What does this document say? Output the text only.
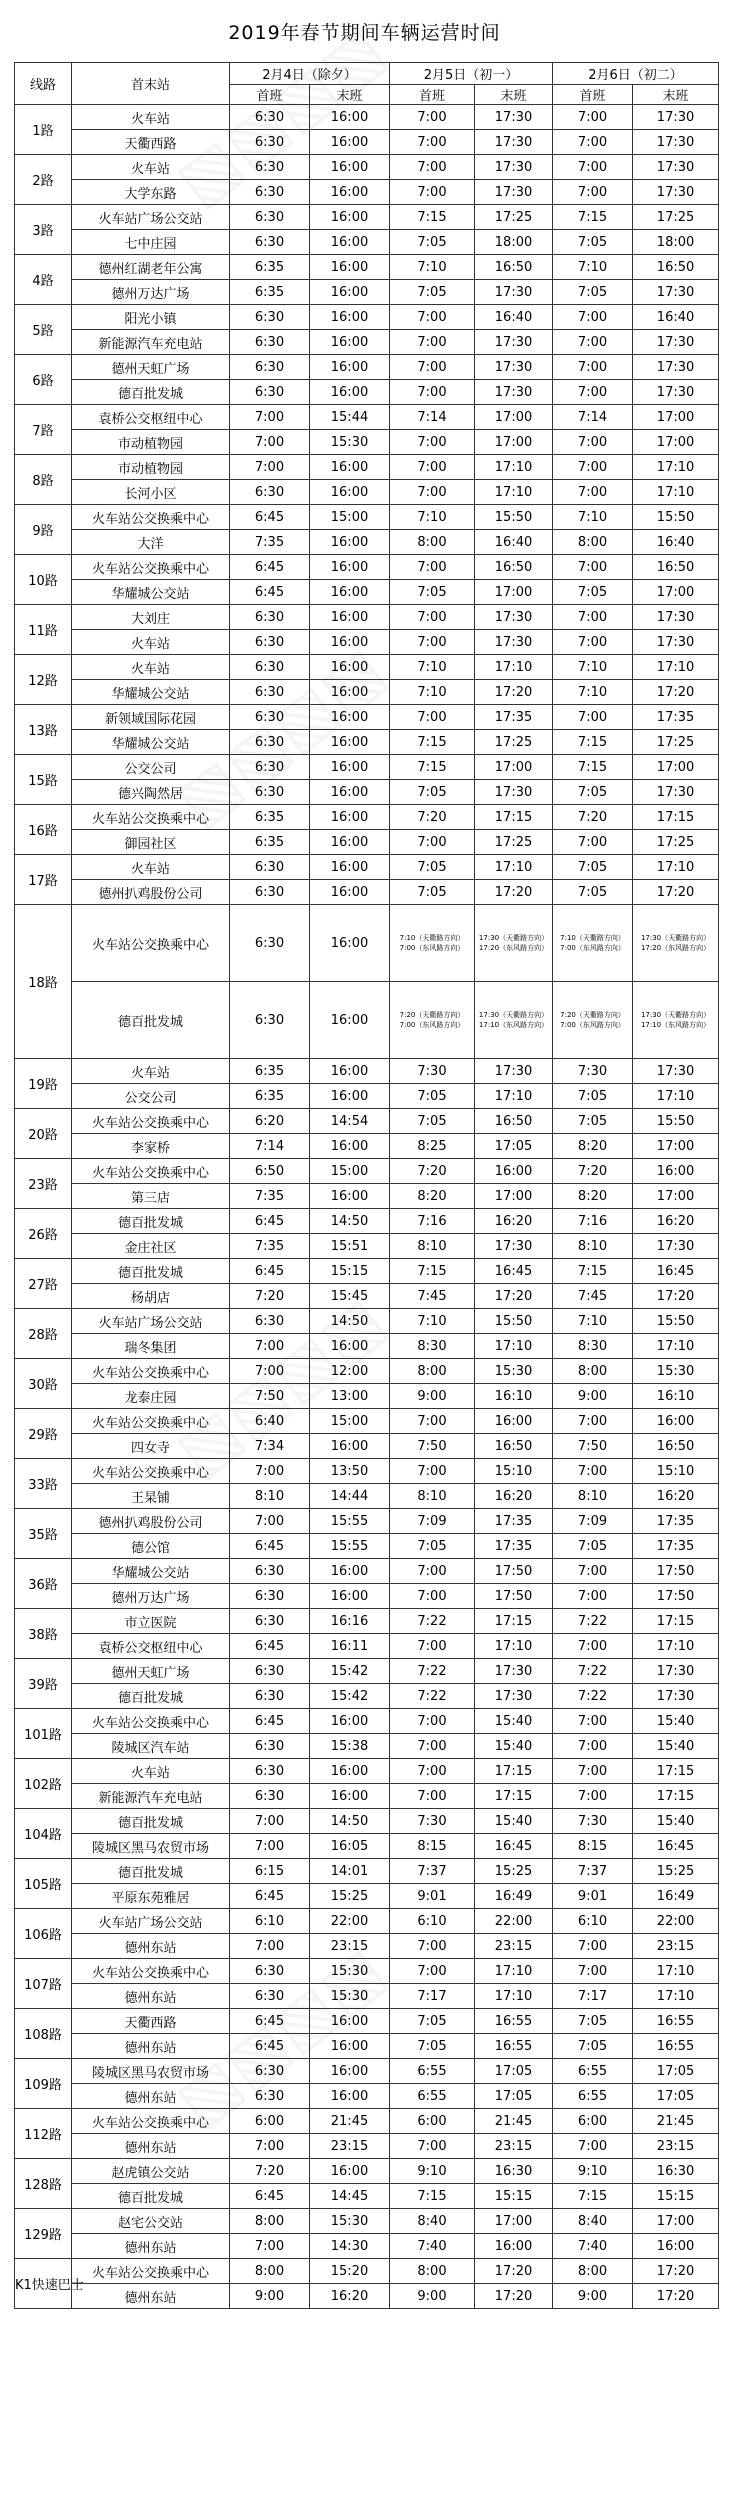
2019年春节期间车辆运营时间
线路	首末站	2月4日（除夕）		2月5日（初一）		2月6日（初二）	
		首班	末班	首班	末班	首班	末班
1路	火车站	6:30	16:00	7:00	17:30	7:00	17:30
	天衢西路	6:30	16:00	7:00	17:30	7:00	17:30
2路	火车站	6:30	16:00	7:00	17:30	7:00	17:30
	大学东路	6:30	16:00	7:00	17:30	7:00	17:30
3路	火车站广场公交站	6:30	16:00	7:15	17:25	7:15	17:25
	七中庄园	6:30	16:00	7:05	18:00	7:05	18:00
4路	德州红湖老年公寓	6:35	16:00	7:10	16:50	7:10	16:50
	德州万达广场	6:35	16:00	7:05	17:30	7:05	17:30
5路	阳光小镇	6:30	16:00	7:00	16:40	7:00	16:40
	新能源汽车充电站	6:30	16:00	7:00	17:30	7:00	17:30
6路	德州天虹广场	6:30	16:00	7:00	17:30	7:00	17:30
	德百批发城	6:30	16:00	7:00	17:30	7:00	17:30
7路	袁桥公交枢纽中心	7:00	15:44	7:14	17:00	7:14	17:00
	市动植物园	7:00	15:30	7:00	17:00	7:00	17:00
8路	市动植物园	7:00	16:00	7:00	17:10	7:00	17:10
	长河小区	6:30	16:00	7:00	17:10	7:00	17:10
9路	火车站公交换乘中心	6:45	15:00	7:10	15:50	7:10	15:50
	大洋	7:35	16:00	8:00	16:40	8:00	16:40
10路	火车站公交换乘中心	6:45	16:00	7:00	16:50	7:00	16:50
	华耀城公交站	6:45	16:00	7:05	17:00	7:05	17:00
11路	大刘庄	6:30	16:00	7:00	17:30	7:00	17:30
	火车站	6:30	16:00	7:00	17:30	7:00	17:30
12路	火车站	6:30	16:00	7:10	17:10	7:10	17:10
	华耀城公交站	6:30	16:00	7:10	17:20	7:10	17:20
13路	新领域国际花园	6:30	16:00	7:00	17:35	7:00	17:35
	华耀城公交站	6:30	16:00	7:15	17:25	7:15	17:25
15路	公交公司	6:30	16:00	7:15	17:00	7:15	17:00
	德兴陶然居	6:30	16:00	7:05	17:30	7:05	17:30
16路	火车站公交换乘中心	6:35	16:00	7:20	17:15	7:20	17:15
	御园社区	6:35	16:00	7:00	17:25	7:00	17:25
17路	火车站	6:30	16:00	7:05	17:10	7:05	17:10
	德州扒鸡股份公司	6:30	16:00	7:05	17:20	7:05	17:20
18路	火车站公交换乘中心	6:30	16:00	7:10（天衢路方向）7:00（东风路方向）	17:30（天衢路方向）17:20（东风路方向）	7:10（天衢路方向）7:00（东风路方向）	17:30（天衢路方向）17:20（东风路方向）
	德百批发城	6:30	16:00	7:20（天衢路方向）7:00（东风路方向）	17:30（天衢路方向）17:10（东风路方向）	7:20（天衢路方向）7:00（东风路方向）	17:30（天衢路方向）17:10（东风路方向）
19路	火车站	6:35	16:00	7:30	17:30	7:30	17:30
	公交公司	6:35	16:00	7:05	17:10	7:05	17:10
20路	火车站公交换乘中心	6:20	14:54	7:05	16:50	7:05	15:50
	李家桥	7:14	16:00	8:25	17:05	8:20	17:00
23路	火车站公交换乘中心	6:50	15:00	7:20	16:00	7:20	16:00
	第三店	7:35	16:00	8:20	17:00	8:20	17:00
26路	德百批发城	6:45	14:50	7:16	16:20	7:16	16:20
	金庄社区	7:35	15:51	8:10	17:30	8:10	17:30
27路	德百批发城	6:45	15:15	7:15	16:45	7:15	16:45
	杨胡店	7:20	15:45	7:45	17:20	7:45	17:20
28路	火车站广场公交站	6:30	14:50	7:10	15:50	7:10	15:50
	瑞冬集团	7:00	16:00	8:30	17:10	8:30	17:10
30路	火车站公交换乘中心	7:00	12:00	8:00	15:30	8:00	15:30
	龙泰庄园	7:50	13:00	9:00	16:10	9:00	16:10
29路	火车站公交换乘中心	6:40	15:00	7:00	16:00	7:00	16:00
	四女寺	7:34	16:00	7:50	16:50	7:50	16:50
33路	火车站公交换乘中心	7:00	13:50	7:00	15:10	7:00	15:10
	王杲铺	8:10	14:44	8:10	16:20	8:10	16:20
35路	德州扒鸡股份公司	7:00	15:55	7:09	17:35	7:09	17:35
	德公馆	6:45	15:55	7:05	17:35	7:05	17:35
36路	华耀城公交站	6:30	16:00	7:00	17:50	7:00	17:50
	德州万达广场	6:30	16:00	7:00	17:50	7:00	17:50
38路	市立医院	6:30	16:16	7:22	17:15	7:22	17:15
	袁桥公交枢纽中心	6:45	16:11	7:00	17:10	7:00	17:10
39路	德州天虹广场	6:30	15:42	7:22	17:30	7:22	17:30
	德百批发城	6:30	15:42	7:22	17:30	7:22	17:30
101路	火车站公交换乘中心	6:45	16:00	7:00	15:40	7:00	15:40
	陵城区汽车站	6:30	15:38	7:00	15:40	7:00	15:40
102路	火车站	6:30	16:00	7:00	17:15	7:00	17:15
	新能源汽车充电站	6:30	16:00	7:00	17:15	7:00	17:15
104路	德百批发城	7:00	14:50	7:30	15:40	7:30	15:40
	陵城区黑马农贸市场	7:00	16:05	8:15	16:45	8:15	16:45
105路	德百批发城	6:15	14:01	7:37	15:25	7:37	15:25
	平原东苑雅居	6:45	15:25	9:01	16:49	9:01	16:49
106路	火车站广场公交站	6:10	22:00	6:10	22:00	6:10	22:00
	德州东站	7:00	23:15	7:00	23:15	7:00	23:15
107路	火车站公交换乘中心	6:30	15:30	7:00	17:10	7:00	17:10
	德州东站	6:30	15:30	7:17	17:10	7:17	17:10
108路	天衢西路	6:45	16:00	7:05	16:55	7:05	16:55
	德州东站	6:45	16:00	7:05	16:55	7:05	16:55
109路	陵城区黑马农贸市场	6:30	16:00	6:55	17:05	6:55	17:05
	德州东站	6:30	16:00	6:55	17:05	6:55	17:05
112路	火车站公交换乘中心	6:00	21:45	6:00	21:45	6:00	21:45
	德州东站	7:00	23:15	7:00	23:15	7:00	23:15
128路	赵虎镇公交站	7:20	16:00	9:10	16:30	9:10	16:30
	德百批发城	6:45	14:45	7:15	15:15	7:15	15:15
129路	赵宅公交站	8:00	15:30	8:40	17:00	8:40	17:00
	德州东站	7:00	14:30	7:40	16:00	7:40	16:00
K1快速巴士	火车站公交换乘中心	8:00	15:20	8:00	17:20	8:00	17:20
	德州东站	9:00	16:20	9:00	17:20	9:00	17:20
